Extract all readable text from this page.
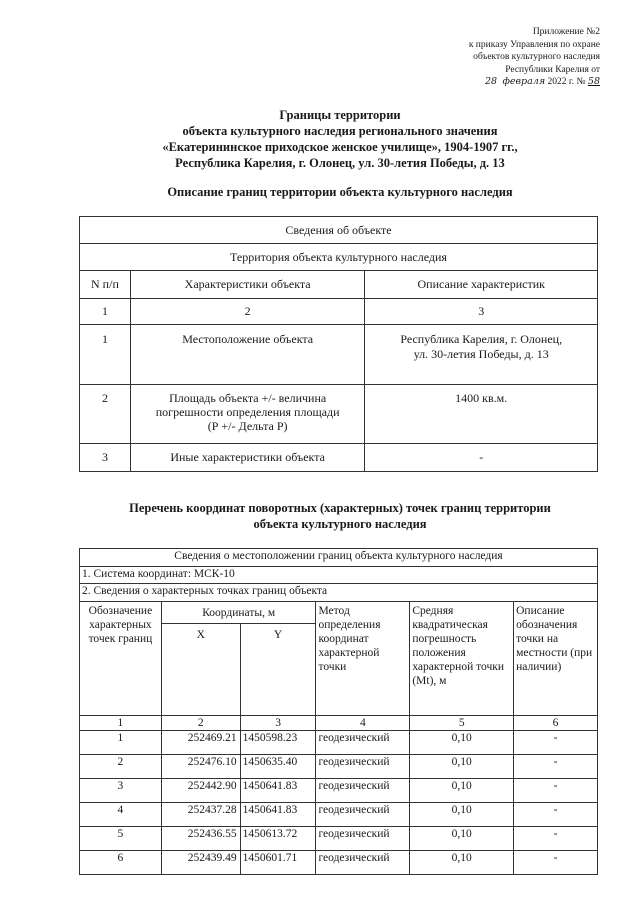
Приложение №2
к приказу Управления по охране
объектов культурного наследия
Республики Карелия от
28 февраля 2022 г. № 58
Границы территории
объекта культурного наследия регионального значения
«Екатерининское приходское женское училище», 1904-1907 гг.,
Республика Карелия, г. Олонец, ул. 30-летия Победы, д. 13
Описание границ территории объекта культурного наследия
Сведения об объекте		
Территория объекта культурного наследия		
N п/п	Характеристики объекта	Описание характеристик
1	2	3
1	Местоположение объекта	Республика Карелия, г. Олонец,
ул. 30-летия Победы, д. 13

2	Площадь объекта +/- величина
погрешности определения площади
(Р +/- Дельта Р)	1400 кв.м.
3	Иные характеристики объекта	-
Перечень координат поворотных (характерных) точек границ территории
объекта культурного наследия
Сведения о местоположении границ объекта культурного наследия					
1. Система координат: МСК-10					
2. Сведения о характерных точках границ объекта					
Обозначение характерных точек границ	Координаты, м		Метод определения координат характерной точки	Средняя квадратическая погрешность положения характерной точки (Mt), м	Описание обозначения точки на местности (при наличии)
	X	Y			
1	2	3	4	5	6
1	252469.21	1450598.23	геодезический	0,10	-
2	252476.10	1450635.40	геодезический	0,10	-
3	252442.90	1450641.83	геодезический	0,10	-
4	252437.28	1450641.83	геодезический	0,10	-
5	252436.55	1450613.72	геодезический	0,10	-
6	252439.49	1450601.71	геодезический	0,10	-
